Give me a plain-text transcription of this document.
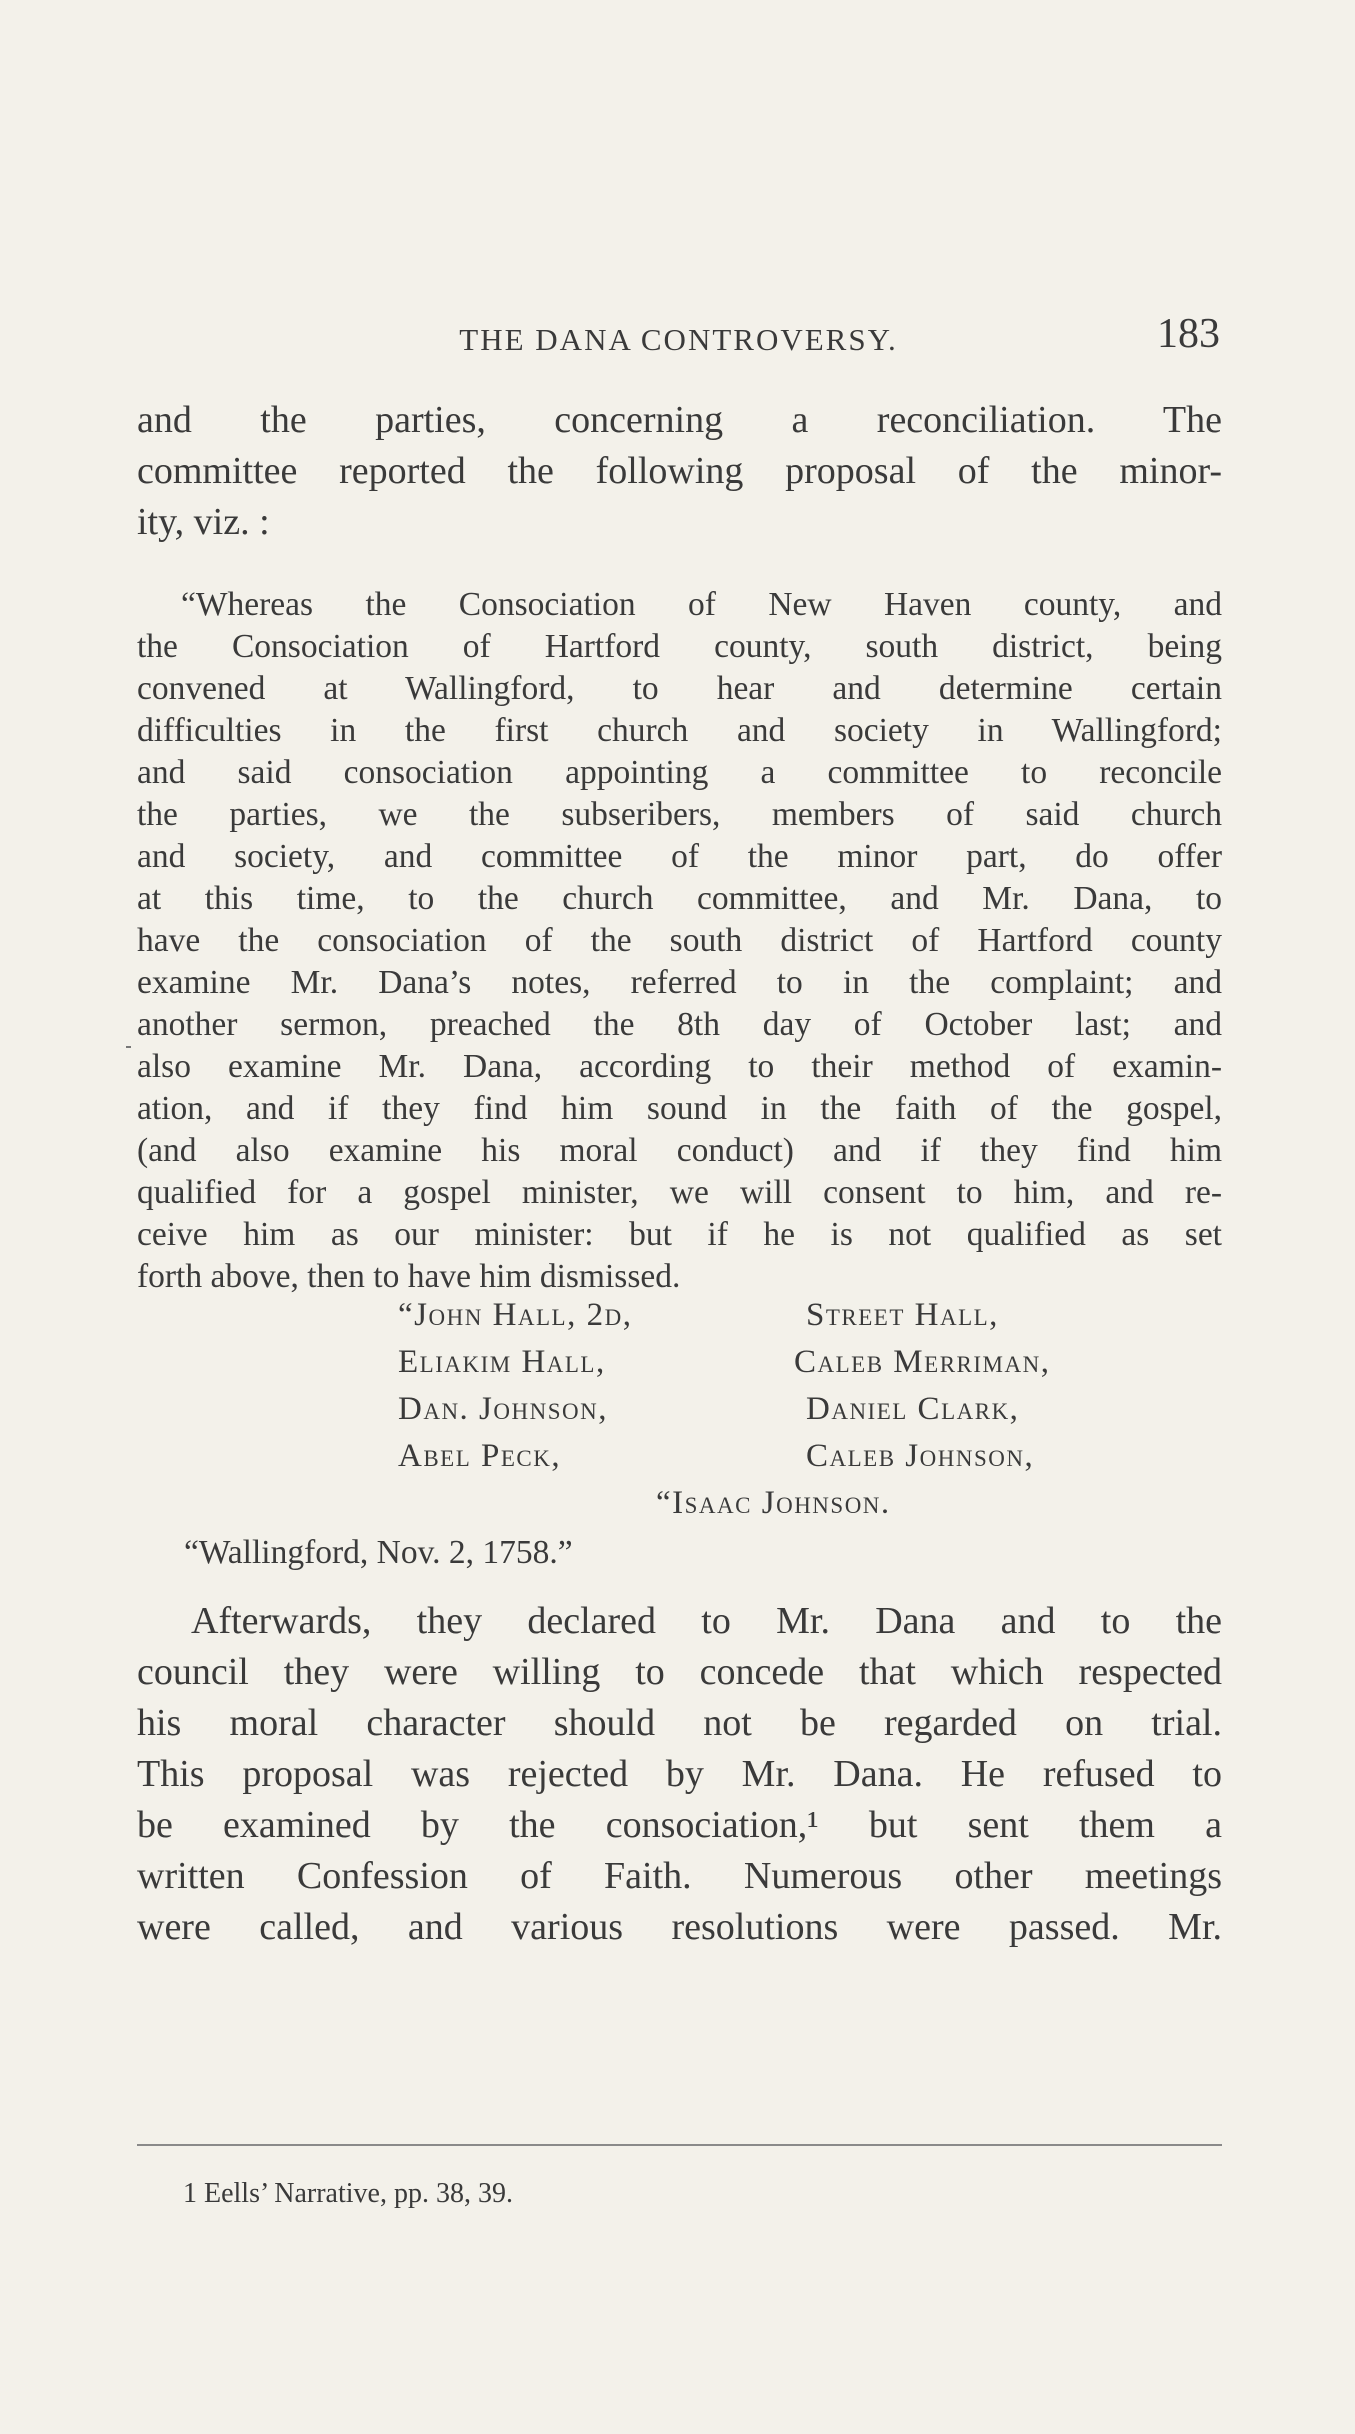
THE DANA CONTROVERSY.	183
and the parties, concerning a reconciliation. The
committee reported the following proposal of the minor-
ity, viz. :
“Whereas the Consociation of New Haven county, and
the Consociation of Hartford county, south district, being
convened at Wallingford, to hear and determine certain
difficulties in the first church and society in Wallingford;
and said consociation appointing a committee to reconcile
the parties, we the subseribers, members of said church
and society, and committee of the minor part, do offer
at this time, to the church committee, and Mr. Dana, to
have the consociation of the south district of Hartford county
examine Mr. Dana’s notes, referred to in the complaint; and
another sermon, preached the 8th day of October last; and
also examine Mr. Dana, according to their method of examin-
ation, and if they find him sound in the faith of the gospel,
(and also examine his moral conduct) and if they find him
qualified for a gospel minister, we will consent to him, and re-
ceive him as our minister: but if he is not qualified as set
forth above, then to have him dismissed.
“John Hall, 2d,
Eliakim Hall,
Dan. Johnson,
Abel Peck,
Street Hall,
Caleb Merriman,
Daniel Clark,
Caleb Johnson,
“Isaac Johnson.
“Wallingford, Nov. 2, 1758.”
Afterwards, they declared to Mr. Dana and to the
council they were willing to concede that which respected
his moral character should not be regarded on trial.
This proposal was rejected by Mr. Dana. He refused to
be examined by the consociation,¹ but sent them a
written Confession of Faith. Numerous other meetings
were called, and various resolutions were passed. Mr.
1 Eells’ Narrative, pp. 38, 39.
